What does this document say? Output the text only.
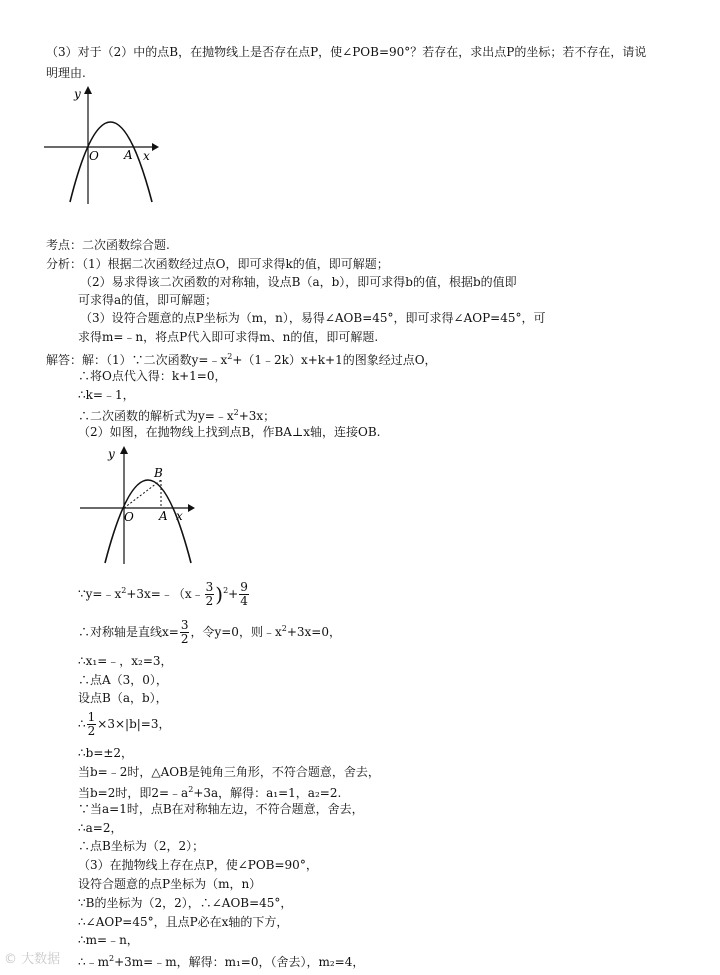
（3）对于（2）中的点B，在抛物线上是否存在点P，使∠POB=90°？若存在，求出点P的坐标；若不存在，请说
明理由.
y
O A x
考点：二次函数综合题.
分析：（1）根据二次函数经过点O，即可求得k的值，即可解题；
（2）易求得该二次函数的对称轴，设点B（a，b），即可求得b的值，根据b的值即
可求得a的值，即可解题；
（3）设符合题意的点P坐标为（m，n），易得∠AOB=45°，即可求得∠AOP=45°，可
求得m=﹣n，将点P代入即可求得m、n的值，即可解题.
解答：解：（1）∵二次函数$y=﹣x^2+(1﹣2k)x+k+1$的图象经过点O，
∴将O点代入得：k+1=0，
∴k=﹣1，
∴二次函数的解析式为$y=﹣x^2+3x$；
（2）如图，在抛物线上找到点B，作BA⊥x轴，连接OB.
y
B
O A x
$\because y=﹣x^2+3x=﹣(x﹣ \frac{3}{2} )^2+ \frac{9}{4}$
∴对称轴是直线$x= \frac{3}{2}$ ，令y=0，则$﹣x^2+3x=0$，
∴x₁=﹣，x₂=3，
∴点A（3，0），
设点B（a，b），
∴ $\frac{1}{2} \times 3\times|b|=3$，
∴b=±2，
当b=﹣2时，△AOB是钝角三角形，不符合题意，舍去，
当b=2时，即$2=﹣a^2+3a$，解得：a₁=1，a₂=2.
∵当a=1时，点B在对称轴左边，不符合题意，舍去，
∴a=2，
∴点B坐标为（2，2）；
（3）在抛物线上存在点P，使∠POB=90°，
设符合题意的点P坐标为（m，n）
∵B的坐标为（2，2），∴∠AOB=45°，
∴∠AOP=45°，且点P必在x轴的下方，
∴m=﹣n，
$\therefore﹣m^2+3m=﹣m$，解得：m₁=0，（舍去），m₂=4，
© 大数据
